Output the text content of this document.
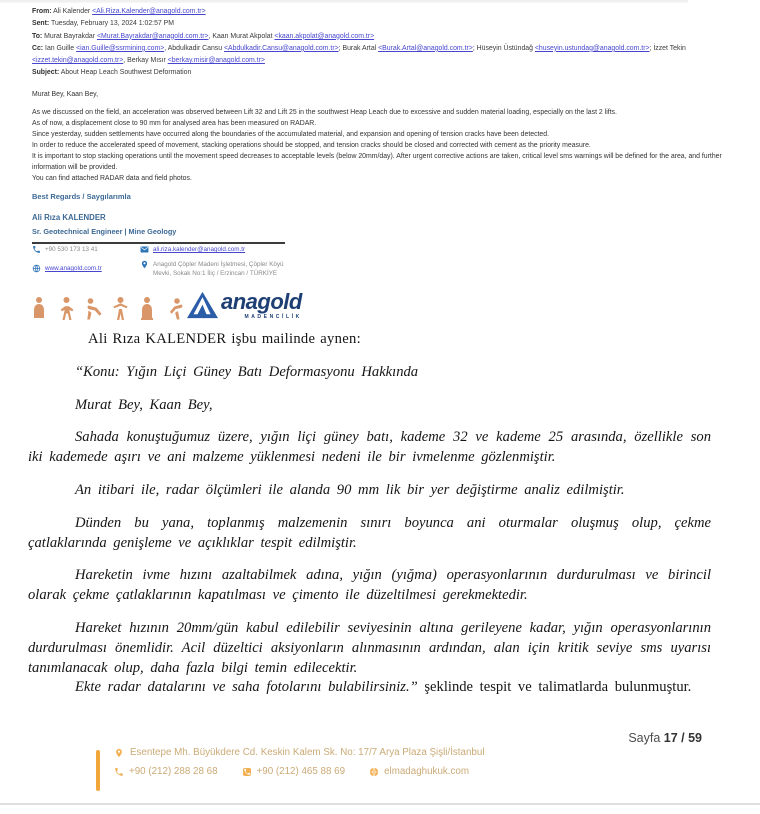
From: Ali Kalender <Ali.Riza.Kalender@anagold.com.tr>
Sent: Tuesday, February 13, 2024 1:02:57 PM
To: Murat Bayrakdar <Murat.Bayrakdar@anagold.com.tr>, Kaan Murat Akpolat <kaan.akpolat@anagold.com.tr>
Cc: Ian Guille <ian.Guille@ssrmining.com>, Abdulkadir Cansu <Abdulkadir.Cansu@anagold.com.tr>; Burak Artal <Burak.Artal@anagold.com.tr>; Hüseyin Üstündağ <huseyin.ustundag@anagold.com.tr>; İzzet Tekin <izzet.tekin@anagold.com.tr>, Berkay Mısır <berkay.misir@anagold.com.tr>
Subject: About Heap Leach Southwest Deformation
Murat Bey, Kaan Bey,
As we discussed on the field, an acceleration was observed between Lift 32 and Lift 25 in the southwest Heap Leach due to excessive and sudden material loading, especially on the last 2 lifts.
As of now, a displacement close to 90 mm for analysed area has been measured on RADAR.
Since yesterday, sudden settlements have occurred along the boundaries of the accumulated material, and expansion and opening of tension cracks have been detected.
In order to reduce the accelerated speed of movement, stacking operations should be stopped, and tension cracks should be closed and corrected with cement as the priority measure.
It is important to stop stacking operations until the movement speed decreases to acceptable levels (below 20mm/day). After urgent corrective actions are taken, critical level sms warnings will be defined for the area, and further information will be provided.
You can find attached RADAR data and field photos.
Best Regards / Saygılarımla
Ali Rıza KALENDER
Sr. Geotechnical Engineer | Mine Geology
+90 530 173 13 41	ali.riza.kalender@anagold.com.tr
www.anagold.com.tr
Anagold Çöpler Madeni İşletmesi, Çöpler Köyü Mevki, Sokak No:1 İliç / Erzincan / TÜRKİYE
anagold
MADENCİLİK

Ali Rıza KALENDER işbu mailinde aynen:

“Konu: Yığın Liçi Güney Batı Deformasyonu Hakkında

Murat Bey, Kaan Bey,

Sahada konuştuğumuz üzere, yığın liçi güney batı, kademe 32 ve kademe 25 arasında, özellikle son iki kademede aşırı ve ani malzeme yüklenmesi nedeni ile bir ivmelenme gözlenmiştir.

An itibari ile, radar ölçümleri ile alanda 90 mm lik bir yer değiştirme analiz edilmiştir.

Dünden bu yana, toplanmış malzemenin sınırı boyunca ani oturmalar oluşmuş olup, çekme çatlaklarında genişleme ve açıklıklar tespit edilmiştir.

Hareketin ivme hızını azaltabilmek adına, yığın (yığma) operasyonlarının durdurulması ve birincil olarak çekme çatlaklarının kapatılması ve çimento ile düzeltilmesi gerekmektedir.

Hareket hızının 20mm/gün kabul edilebilir seviyesinin altına gerileyene kadar, yığın operasyonlarının durdurulması önemlidir. Acil düzeltici aksiyonların alınmasının ardından, alan için kritik seviye sms uyarısı tanımlanacak olup, daha fazla bilgi temin edilecektir.

Ekte radar datalarını ve saha fotolarını bulabilirsiniz.” şeklinde tespit ve talimatlarda bulunmuştur.

Sayfa 17 / 59
Esentepe Mh. Büyükdere Cd. Keskin Kalem Sk. No: 17/7 Arya Plaza Şişli/İstanbul
+90 (212) 288 28 68	+90 (212) 465 88 69	elmadaghukuk.com
